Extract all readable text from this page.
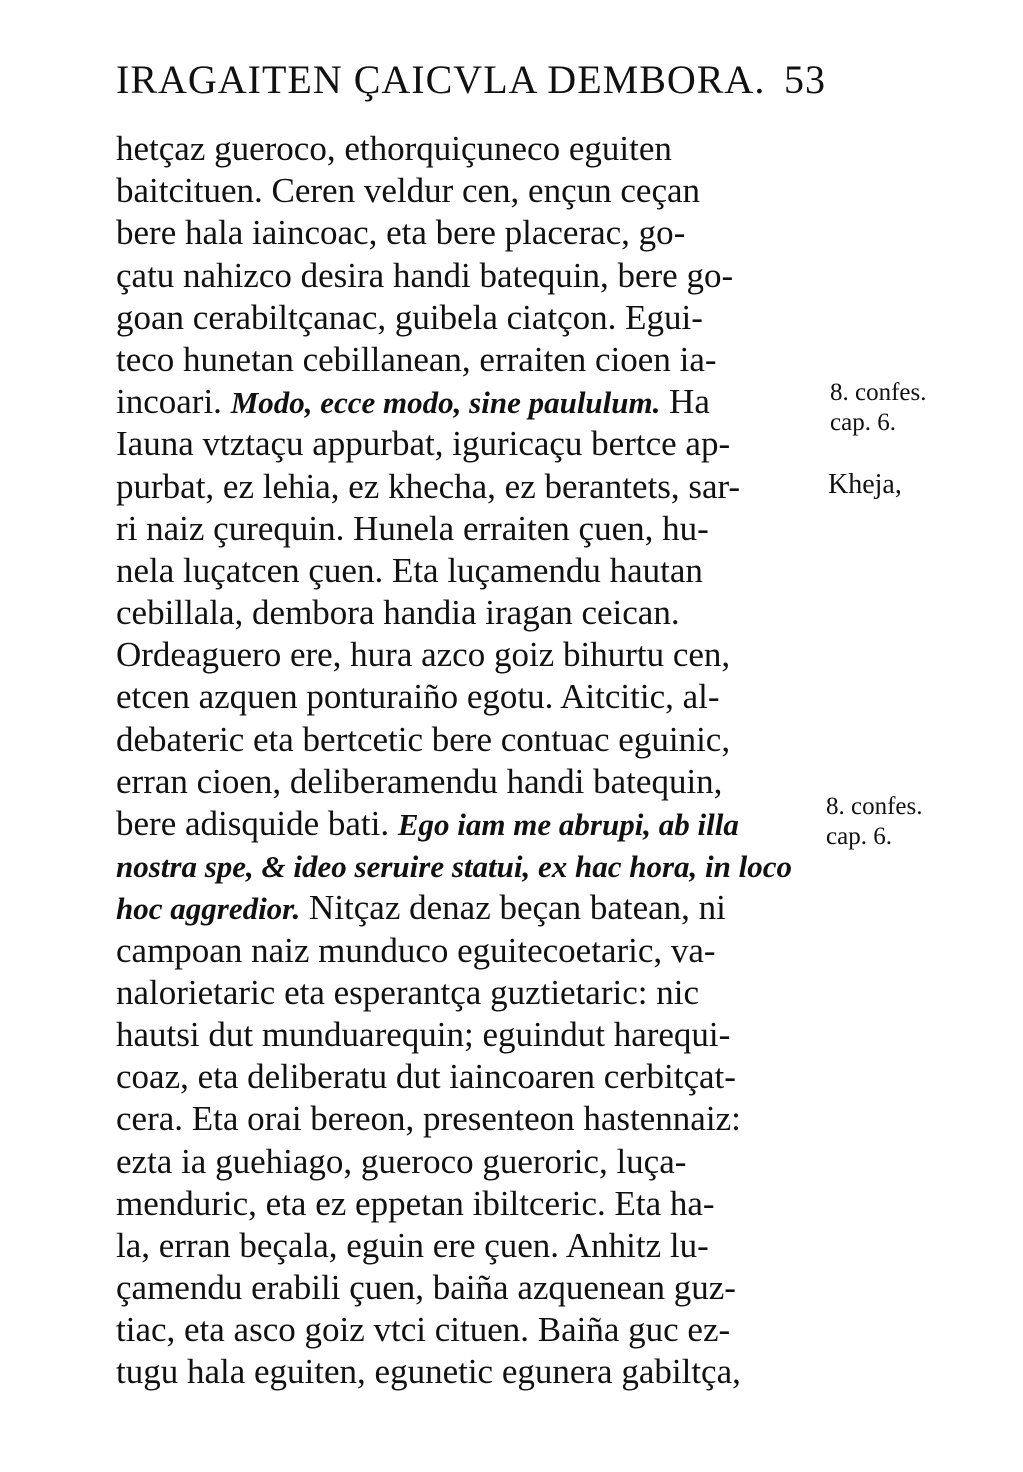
IRAGAITEN ÇAICVLA DEMBORA. 53
hetçaz gueroco, ethorquiçuneco eguiten
baitcituen. Ceren veldur cen, ençun ceçan
bere hala iaincoac, eta bere placerac, go-
çatu nahizco desira handi batequin, bere go-
goan cerabiltçanac, guibela ciatçon. Egui-
teco hunetan cebillanean, erraiten cioen ia-
incoari. Modo, ecce modo, sine paululum. Ha
Iauna vtztaçu appurbat, iguricaçu bertce ap-
purbat, ez lehia, ez khecha, ez berantets, sar-
ri naiz çurequin. Hunela erraiten çuen, hu-
nela luçatcen çuen. Eta luçamendu hautan
cebillala, dembora handia iragan ceican.
Ordeaguero ere, hura azco goiz bihurtu cen,
etcen azquen ponturaiño egotu. Aitcitic, al-
debateric eta bertcetic bere contuac eguinic,
erran cioen, deliberamendu handi batequin,
bere adisquide bati. Ego iam me abrupi, ab illa
nostra spe, & ideo seruire statui, ex hac hora, in loco
hoc aggredior. Nitçaz denaz beçan batean, ni
campoan naiz munduco eguitecoetaric, va-
nalorietaric eta esperantça guztietaric: nic
hautsi dut munduarequin; eguindut harequi-
coaz, eta deliberatu dut iaincoaren cerbitçat-
cera. Eta orai bereon, presenteon hastennaiz:
ezta ia guehiago, gueroco gueroric, luça-
menduric, eta ez eppetan ibiltceric. Eta ha-
la, erran beçala, eguin ere çuen. Anhitz lu-
çamendu erabili çuen, baiña azquenean guz-
tiac, eta asco goiz vtci cituen. Baiña guc ez-
tugu hala eguiten, egunetic egunera gabiltça,
8. confes.
cap. 6.
Kheja,
8. confes.
cap. 6.
